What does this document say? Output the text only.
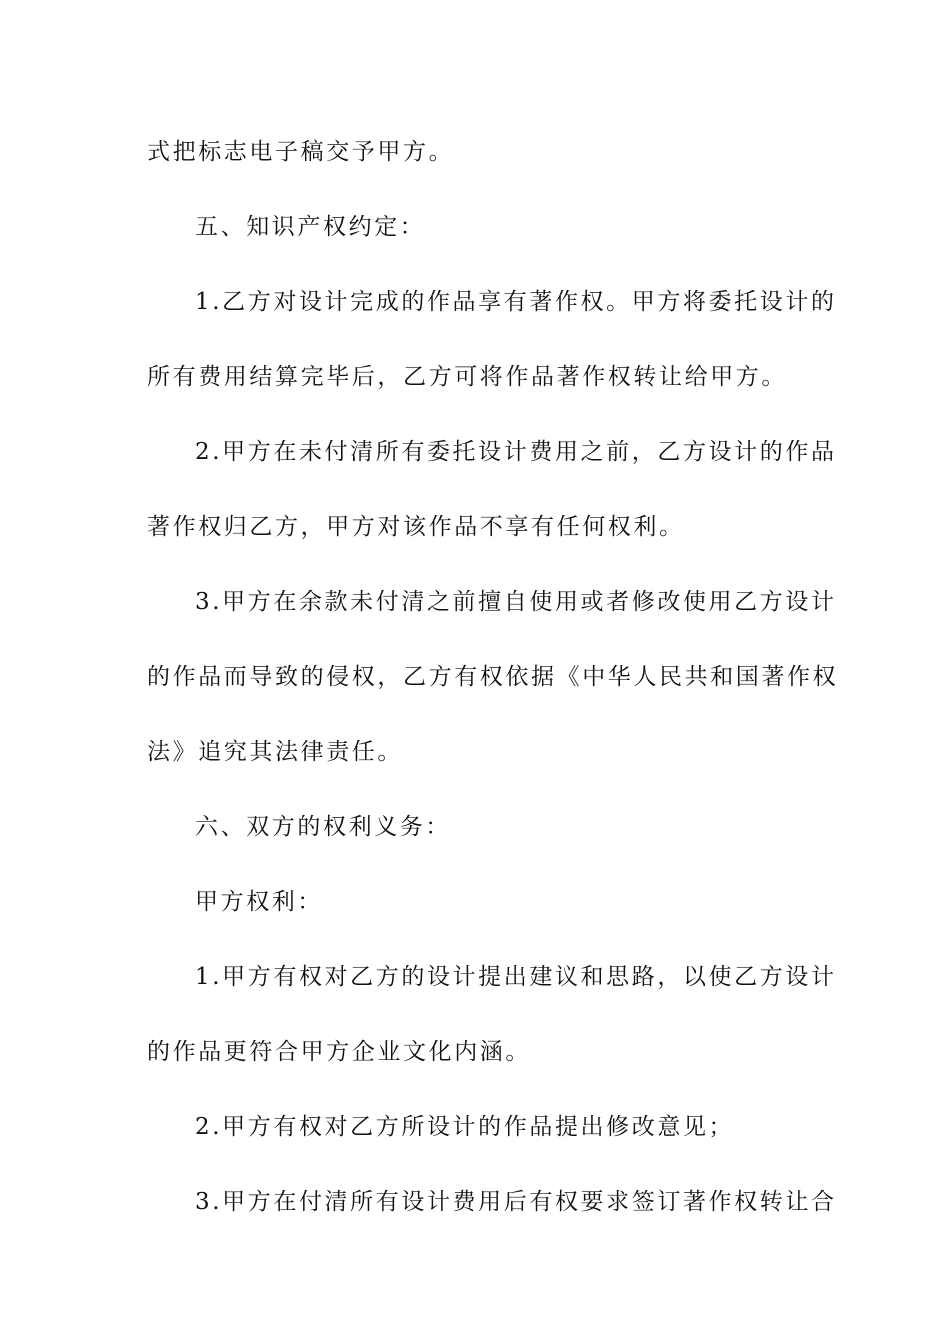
式把标志电子稿交予甲方。
五、知识产权约定：
1.乙方对设计完成的作品享有著作权。甲方将委托设计的
所有费用结算完毕后，乙方可将作品著作权转让给甲方。
2.甲方在未付清所有委托设计费用之前，乙方设计的作品
著作权归乙方，甲方对该作品不享有任何权利。
3.甲方在余款未付清之前擅自使用或者修改使用乙方设计
的作品而导致的侵权，乙方有权依据《中华人民共和国著作权
法》追究其法律责任。
六、双方的权利义务：
甲方权利：
1.甲方有权对乙方的设计提出建议和思路，以使乙方设计
的作品更符合甲方企业文化内涵。
2.甲方有权对乙方所设计的作品提出修改意见；
3.甲方在付清所有设计费用后有权要求签订著作权转让合
